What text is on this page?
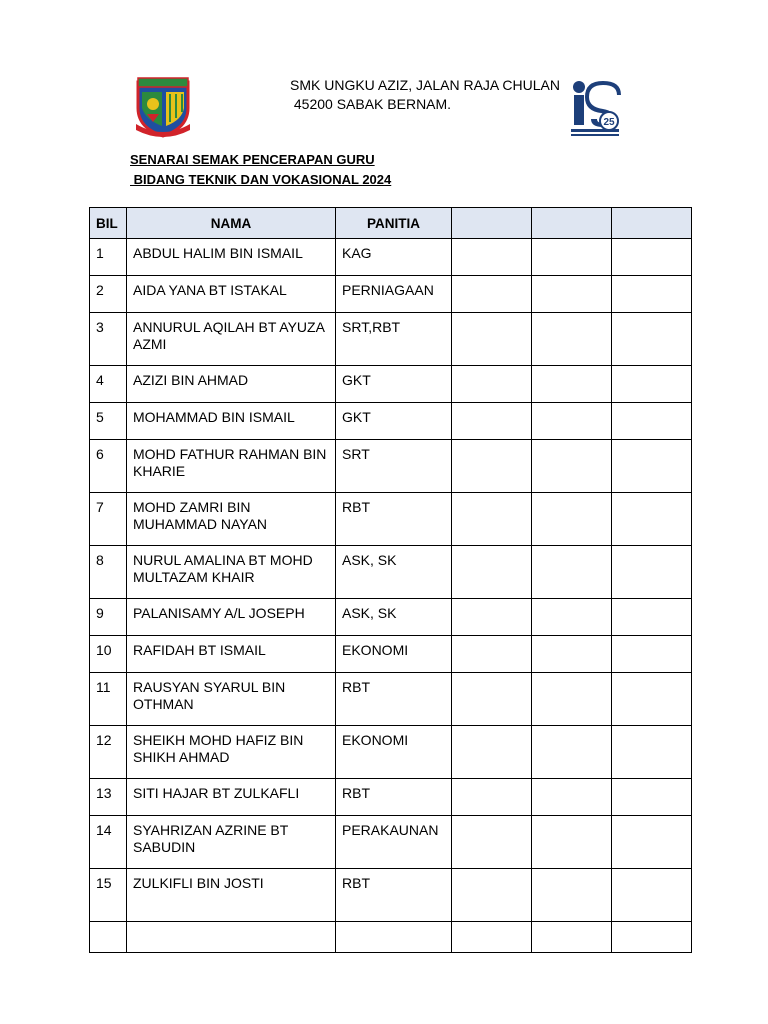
SMK UNGKU AZIZ, JALAN RAJA CHULAN
45200 SABAK BERNAM.
25
SENARAI SEMAK PENCERAPAN GURU
BIDANG TEKNIK DAN VOKASIONAL 2024
BIL	NAMA	PANITIA			
1	ABDUL HALIM BIN ISMAIL	KAG			
2	AIDA YANA BT ISTAKAL	PERNIAGAAN			
3	ANNURUL AQILAH BT AYUZA AZMI	SRT,RBT			
4	AZIZI BIN AHMAD	GKT			
5	MOHAMMAD BIN ISMAIL	GKT			
6	MOHD FATHUR RAHMAN BIN KHARIE	SRT			
7	MOHD ZAMRI BIN MUHAMMAD NAYAN	RBT			
8	NURUL AMALINA BT MOHD MULTAZAM KHAIR	ASK, SK			
9	PALANISAMY A/L JOSEPH	ASK, SK			
10	RAFIDAH BT ISMAIL	EKONOMI			
11	RAUSYAN SYARUL BIN OTHMAN	RBT			
12	SHEIKH MOHD HAFIZ BIN SHIKH AHMAD	EKONOMI			
13	SITI HAJAR BT ZULKAFLI	RBT			
14	SYAHRIZAN AZRINE BT SABUDIN	PERAKAUNAN			
15	ZULKIFLI BIN JOSTI	RBT			
